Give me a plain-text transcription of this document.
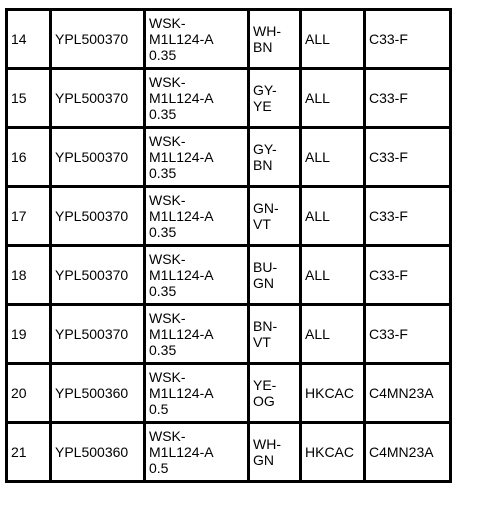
14	YPL500370	WSK-
M1L124-A
0.35	WH-
BN	ALL	C33-F
15	YPL500370	WSK-
M1L124-A
0.35	GY-
YE	ALL	C33-F
16	YPL500370	WSK-
M1L124-A
0.35	GY-
BN	ALL	C33-F
17	YPL500370	WSK-
M1L124-A
0.35	GN-
VT	ALL	C33-F
18	YPL500370	WSK-
M1L124-A
0.35	BU-
GN	ALL	C33-F
19	YPL500370	WSK-
M1L124-A
0.35	BN-
VT	ALL	C33-F
20	YPL500360	WSK-
M1L124-A
0.5	YE-
OG	HKCAC	C4MN23A
21	YPL500360	WSK-
M1L124-A
0.5	WH-
GN	HKCAC	C4MN23A
